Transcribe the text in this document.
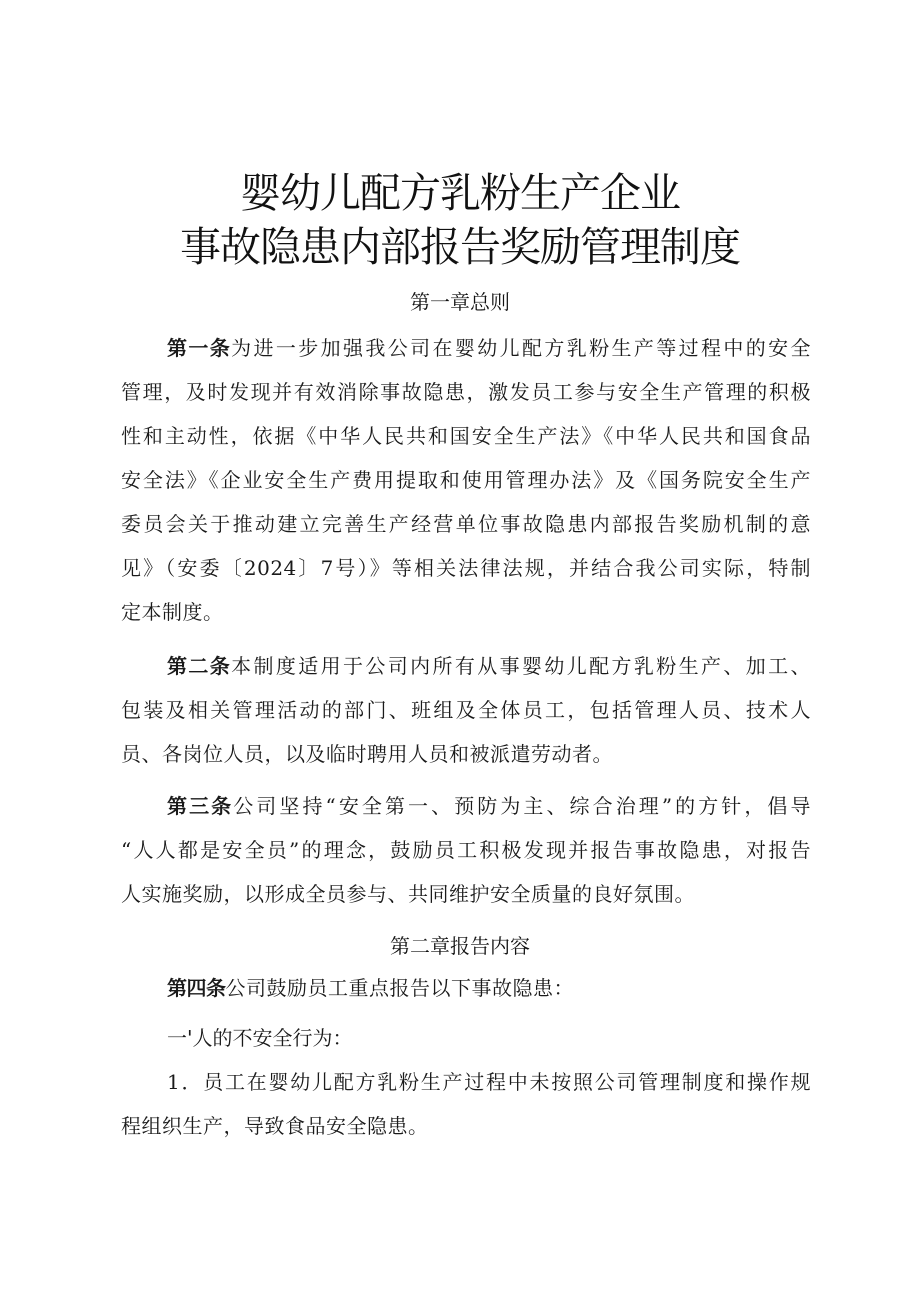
婴幼儿配方乳粉生产企业
事故隐患内部报告奖励管理制度
第一章总则
第一条为进一步加强我公司在婴幼儿配方乳粉生产等过程中的安全
管理，及时发现并有效消除事故隐患，激发员工参与安全生产管理的积极
性和主动性，依据《中华人民共和国安全生产法》《中华人民共和国食品
安全法》《企业安全生产费用提取和使用管理办法》及《国务院安全生产
委员会关于推动建立完善生产经营单位事故隐患内部报告奖励机制的意
见》（安委〔2024〕7号）》等相关法律法规，并结合我公司实际，特制
定本制度。
第二条本制度适用于公司内所有从事婴幼儿配方乳粉生产、加工、
包装及相关管理活动的部门、班组及全体员工，包括管理人员、技术人
员、各岗位人员，以及临时聘用人员和被派遣劳动者。
第三条公司坚持“安全第一、预防为主、综合治理”的方针，倡导
“人人都是安全员”的理念，鼓励员工积极发现并报告事故隐患，对报告
人实施奖励，以形成全员参与、共同维护安全质量的良好氛围。
第二章报告内容
第四条公司鼓励员工重点报告以下事故隐患：
一'人的不安全行为：
1．员工在婴幼儿配方乳粉生产过程中未按照公司管理制度和操作规
程组织生产，导致食品安全隐患。
